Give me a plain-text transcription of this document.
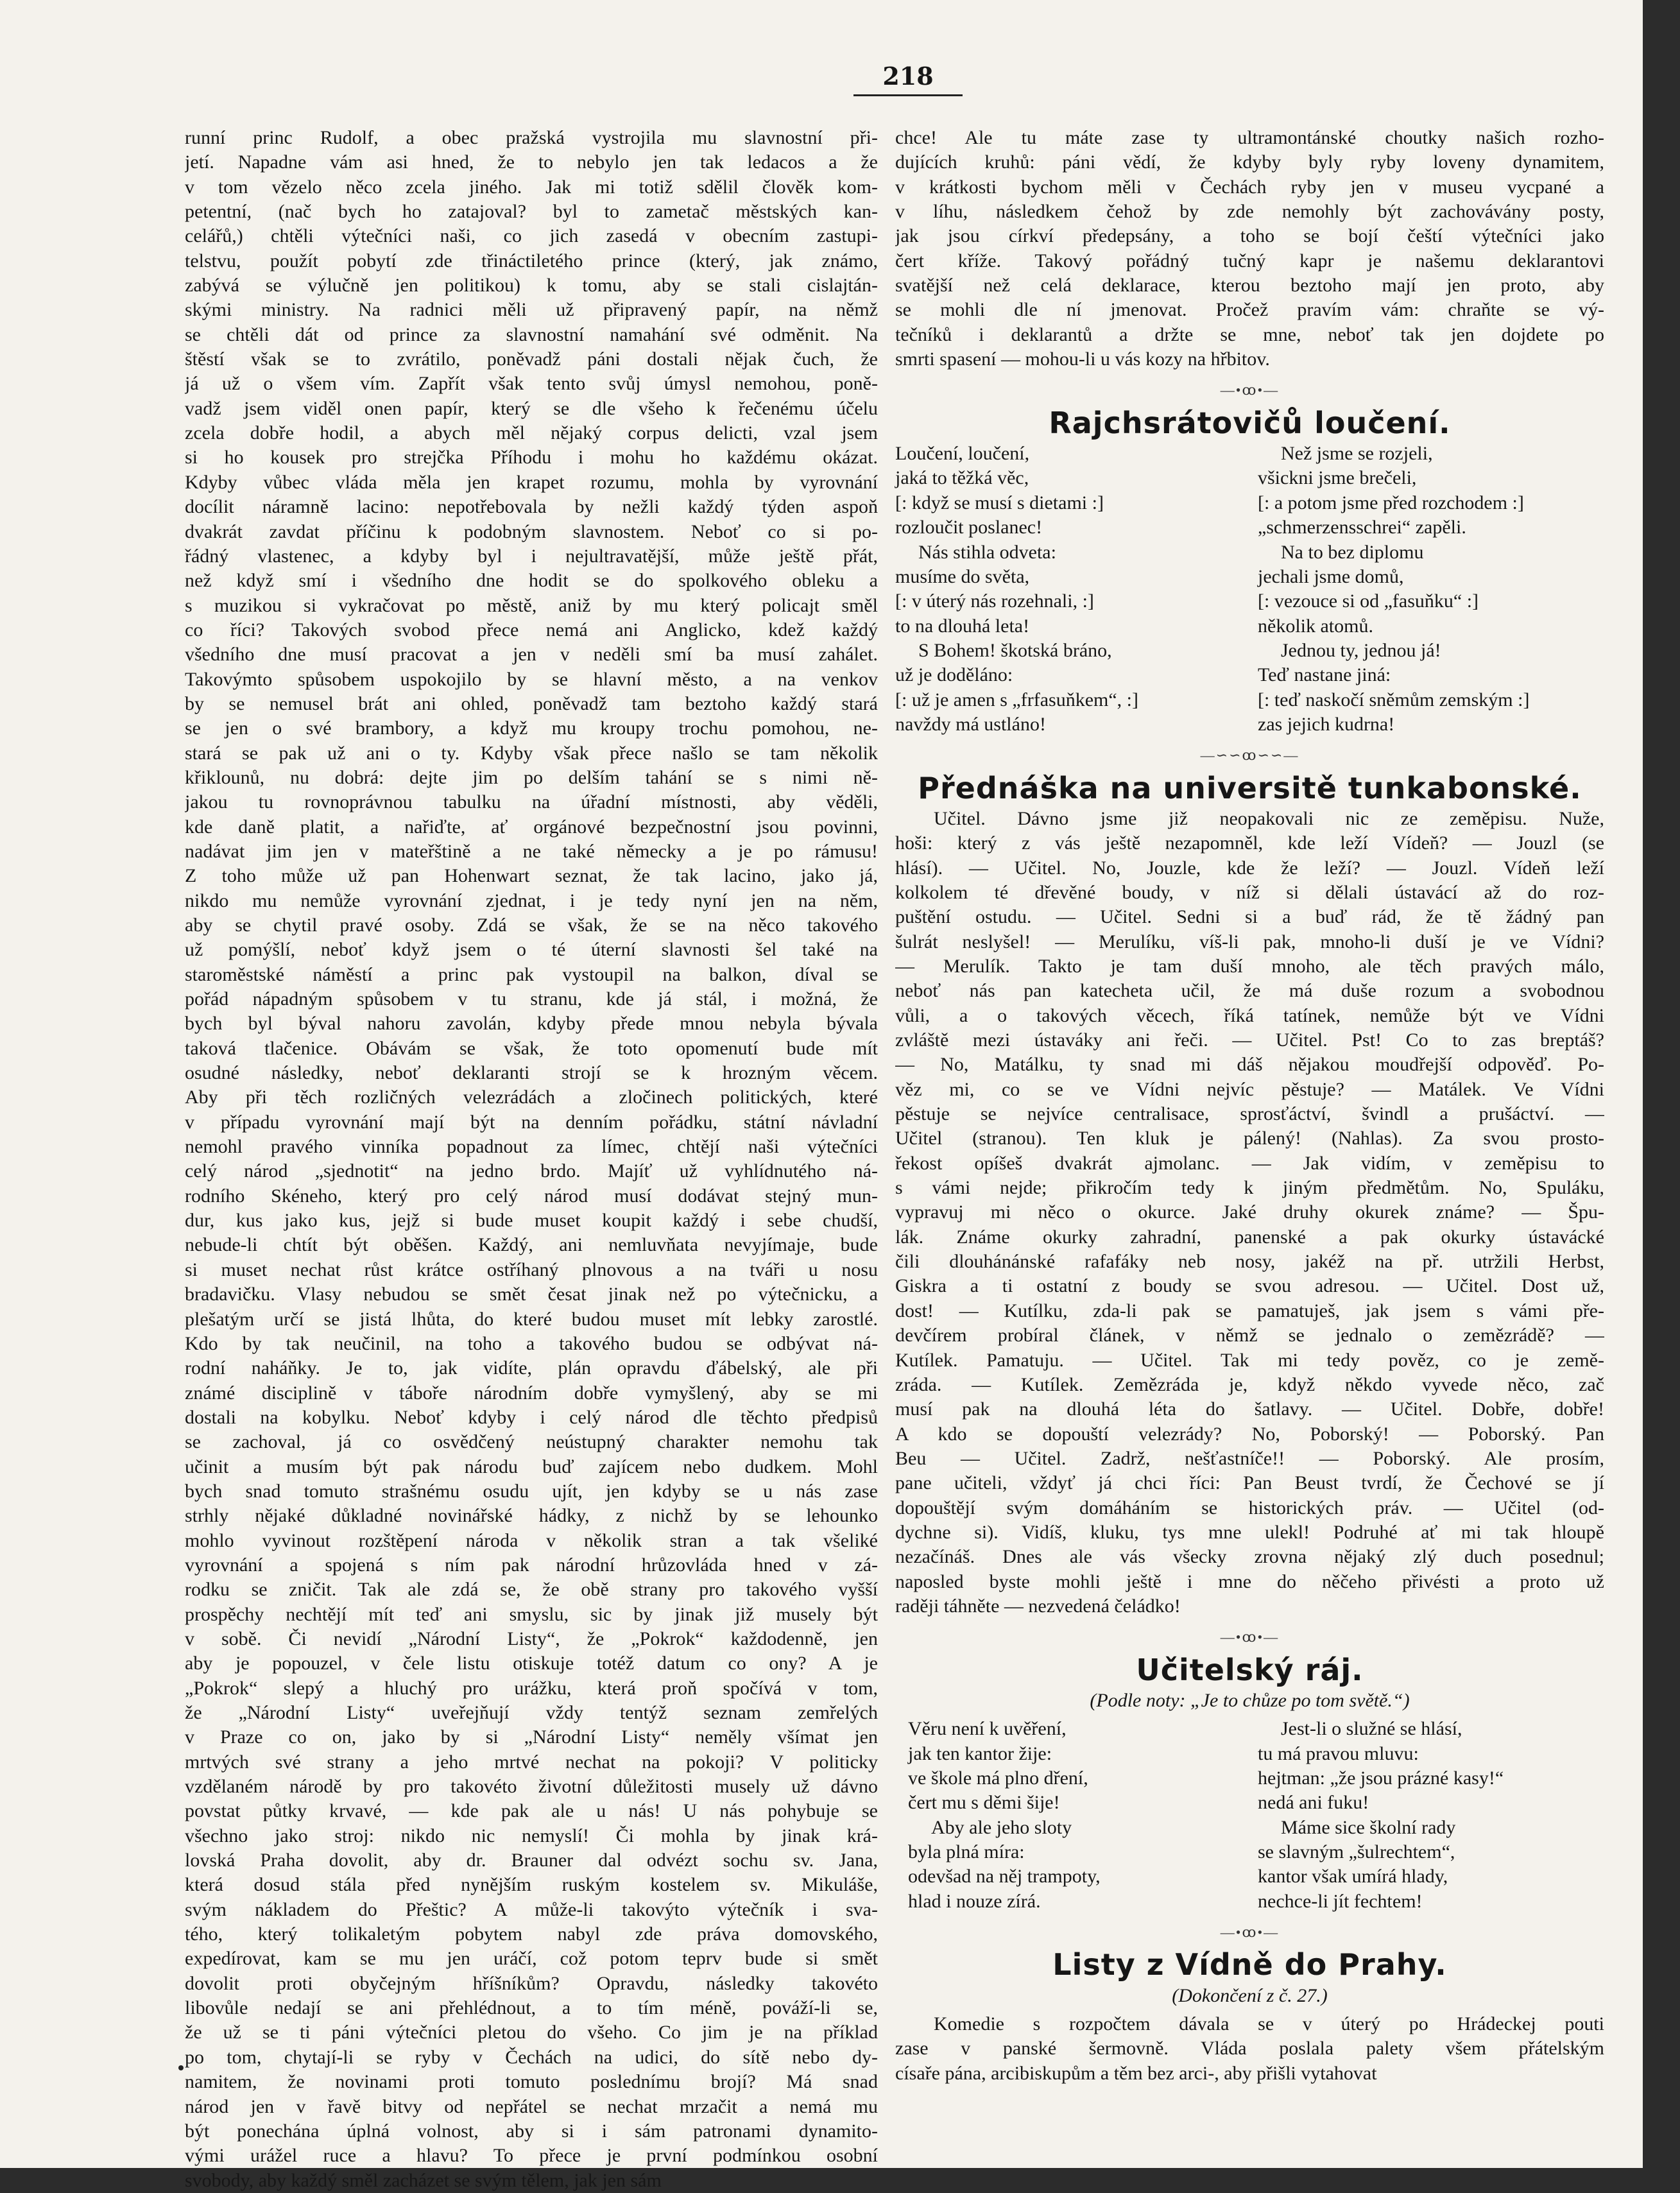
218
runní princ Rudolf, a obec pražská vystrojila mu slavnostní při-
jetí. Napadne vám asi hned, že to nebylo jen tak ledacos a že
v tom vězelo něco zcela jiného. Jak mi totiž sdělil člověk kom-
petentní, (nač bych ho zatajoval? byl to zametač městských kan-
celářů,) chtěli výtečníci naši, co jich zasedá v obecním zastupi-
telstvu, použít pobytí zde třináctiletého prince (který, jak známo,
zabývá se výlučně jen politikou) k tomu, aby se stali cislajtán-
skými ministry. Na radnici měli už připravený papír, na němž
se chtěli dát od prince za slavnostní namahání své odměnit. Na
štěstí však se to zvrátilo, poněvadž páni dostali nějak čuch, že
já už o všem vím. Zapřít však tento svůj úmysl nemohou, poně-
vadž jsem viděl onen papír, který se dle všeho k řečenému účelu
zcela dobře hodil, a abych měl nějaký corpus delicti, vzal jsem
si ho kousek pro strejčka Příhodu i mohu ho každému okázat.
Kdyby vůbec vláda měla jen krapet rozumu, mohla by vyrovnání
docílit náramně lacino: nepotřebovala by nežli každý týden aspoň
dvakrát zavdat příčinu k podobným slavnostem. Neboť co si po-
řádný vlastenec, a kdyby byl i nejultravatější, může ještě přát,
než když smí i všedního dne hodit se do spolkového obleku a
s muzikou si vykračovat po městě, aniž by mu který policajt směl
co říci? Takových svobod přece nemá ani Anglicko, kdež každý
všedního dne musí pracovat a jen v neděli smí ba musí zahálet.
Takovýmto spůsobem uspokojilo by se hlavní město, a na venkov
by se nemusel brát ani ohled, poněvadž tam beztoho každý stará
se jen o své brambory, a když mu kroupy trochu pomohou, ne-
stará se pak už ani o ty. Kdyby však přece našlo se tam několik
křiklounů, nu dobrá: dejte jim po delším tahání se s nimi ně-
jakou tu rovnoprávnou tabulku na úřadní místnosti, aby věděli,
kde daně platit, a nařiďte, ať orgánové bezpečnostní jsou povinni,
nadávat jim jen v mateřštině a ne také německy a je po rámusu!
Z toho může už pan Hohenwart seznat, že tak lacino, jako já,
nikdo mu nemůže vyrovnání zjednat, i je tedy nyní jen na něm,
aby se chytil pravé osoby. Zdá se však, že se na něco takového
už pomýšlí, neboť když jsem o té úterní slavnosti šel také na
staroměstské náměstí a princ pak vystoupil na balkon, díval se
pořád nápadným spůsobem v tu stranu, kde já stál, i možná, že
bych byl býval nahoru zavolán, kdyby přede mnou nebyla bývala
taková tlačenice. Obávám se však, že toto opomenutí bude mít
osudné následky, neboť deklaranti strojí se k hrozným věcem.
Aby při těch rozličných velezrádách a zločinech politických, které
v případu vyrovnání mají být na denním pořádku, státní návladní
nemohl pravého vinníka popadnout za límec, chtějí naši výtečníci
celý národ „sjednotit“ na jedno brdo. Majíť už vyhlídnutého ná-
rodního Skéneho, který pro celý národ musí dodávat stejný mun-
dur, kus jako kus, jejž si bude muset koupit každý i sebe chudší,
nebude-li chtít být oběšen. Každý, ani nemluvňata nevyjímaje, bude
si muset nechat růst krátce ostříhaný plnovous a na tváři u nosu
bradavičku. Vlasy nebudou se smět česat jinak než po výtečnicku, a
plešatým určí se jistá lhůta, do které budou muset mít lebky zarostlé.
Kdo by tak neučinil, na toho a takového budou se odbývat ná-
rodní naháňky. Je to, jak vidíte, plán opravdu ďábelský, ale při
známé disciplině v táboře národním dobře vymyšlený, aby se mi
dostali na kobylku. Neboť kdyby i celý národ dle těchto předpisů
se zachoval, já co osvědčený neústupný charakter nemohu tak
učinit a musím být pak národu buď zajícem nebo dudkem. Mohl
bych snad tomuto strašnému osudu ujít, jen kdyby se u nás zase
strhly nějaké důkladné novinářské hádky, z nichž by se lehounko
mohlo vyvinout rozštěpení národa v několik stran a tak všeliké
vyrovnání a spojená s ním pak národní hrůzovláda hned v zá-
rodku se zničit. Tak ale zdá se, že obě strany pro takového vyšší
prospěchy nechtějí mít teď ani smyslu, sic by jinak již musely být
v sobě. Či nevidí „Národní Listy“, že „Pokrok“ každodenně, jen
aby je popouzel, v čele listu otiskuje totéž datum co ony? A je
„Pokrok“ slepý a hluchý pro urážku, která proň spočívá v tom,
že „Národní Listy“ uveřejňují vždy tentýž seznam zemřelých
v Praze co on, jako by si „Národní Listy“ neměly všímat jen
mrtvých své strany a jeho mrtvé nechat na pokoji? V politicky
vzdělaném národě by pro takovéto životní důležitosti musely už dávno
povstat půtky krvavé, — kde pak ale u nás! U nás pohybuje se
všechno jako stroj: nikdo nic nemyslí! Či mohla by jinak krá-
lovská Praha dovolit, aby dr. Brauner dal odvézt sochu sv. Jana,
která dosud stála před nynějším ruským kostelem sv. Mikuláše,
svým nákladem do Přeštic? A může-li takovýto výtečník i sva-
tého, který tolikaletým pobytem nabyl zde práva domovského,
expedírovat, kam se mu jen uráčí, což potom teprv bude si smět
dovolit proti obyčejným hříšníkům? Opravdu, následky takovéto
libovůle nedají se ani přehlédnout, a to tím méně, pováží-li se,
že už se ti páni výtečníci pletou do všeho. Co jim je na příklad
po tom, chytají-li se ryby v Čechách na udici, do sítě nebo dy-
namitem, že novinami proti tomuto poslednímu brojí? Má snad
národ jen v řavě bitvy od nepřátel se nechat mrzačit a nemá mu
být ponechána úplná volnost, aby si i sám patronami dynamito-
vými urážel ruce a hlavu? To přece je první podmínkou osobní
svobody, aby každý směl zacházet se svým tělem, jak jen sám
chce! Ale tu máte zase ty ultramontánské choutky našich rozho-
dujících kruhů: páni vědí, že kdyby byly ryby loveny dynamitem,
v krátkosti bychom měli v Čechách ryby jen v museu vycpané a
v líhu, následkem čehož by zde nemohly být zachovávány posty,
jak jsou církví předepsány, a toho se bojí čeští výtečníci jako
čert kříže. Takový pořádný tučný kapr je našemu deklarantovi
svatější než celá deklarace, kterou beztoho mají jen proto, aby
se mohli dle ní jmenovat. Pročež pravím vám: chraňte se vý-
tečníků i deklarantů a držte se mne, neboť tak jen dojdete po
smrti spasení — mohou-li u vás kozy na hřbitov.
—•ꝏ•—
Rajchsrátovičů loučení.
Loučení, loučení,
jaká to těžká věc,
[: když se musí s dietami :]
rozloučit poslanec!
Nás stihla odveta:
musíme do světa,
[: v úterý nás rozehnali, :]
to na dlouhá leta!
S Bohem! škotská bráno,
už je doděláno:
[: už je amen s „frfasuňkem“, :]
navždy má ustláno!
Než jsme se rozjeli,
všickni jsme brečeli,
[: a potom jsme před rozchodem :]
„schmerzensschrei“ zapěli.
Na to bez diplomu
jechali jsme domů,
[: vezouce si od „fasuňku“ :]
několik atomů.
Jednou ty, jednou já!
Teď nastane jiná:
[: teď naskočí sněmům zemským :]
zas jejich kudrna!
—∽∽ꝏ∽∽—
Přednáška na universitě tunkabonské.
Učitel. Dávno jsme již neopakovali nic ze zeměpisu. Nuže,
hoši: který z vás ještě nezapomněl, kde leží Vídeň? — Jouzl (se
hlásí). — Učitel. No, Jouzle, kde že leží? — Jouzl. Vídeň leží
kolkolem té dřevěné boudy, v níž si dělali ústavácí až do roz-
puštění ostudu. — Učitel. Sedni si a buď rád, že tě žádný pan
šulrát neslyšel! — Merulíku, víš-li pak, mnoho-li duší je ve Vídni?
— Merulík. Takto je tam duší mnoho, ale těch pravých málo,
neboť nás pan katecheta učil, že má duše rozum a svobodnou
vůli, a o takových věcech, říká tatínek, nemůže být ve Vídni
zvláště mezi ústaváky ani řeči. — Učitel. Pst! Co to zas breptáš?
— No, Matálku, ty snad mi dáš nějakou moudřejší odpověď. Po-
věz mi, co se ve Vídni nejvíc pěstuje? — Matálek. Ve Vídni
pěstuje se nejvíce centralisace, sprosťáctví, švindl a prušáctví. —
Učitel (stranou). Ten kluk je pálený! (Nahlas). Za svou prosto-
řekost opíšeš dvakrát ajmolanc. — Jak vidím, v zeměpisu to
s vámi nejde; přikročím tedy k jiným předmětům. No, Spuláku,
vypravuj mi něco o okurce. Jaké druhy okurek známe? — Špu-
lák. Známe okurky zahradní, panenské a pak okurky ústavácké
čili dlouhánánské rafafáky neb nosy, jakéž na př. utržili Herbst,
Giskra a ti ostatní z boudy se svou adresou. — Učitel. Dost už,
dost! — Kutílku, zda-li pak se pamatuješ, jak jsem s vámi pře-
devčírem probíral článek, v němž se jednalo o zemězrádě? —
Kutílek. Pamatuju. — Učitel. Tak mi tedy pověz, co je země-
zráda. — Kutílek. Zemězráda je, když někdo vyvede něco, zač
musí pak na dlouhá léta do šatlavy. — Učitel. Dobře, dobře!
A kdo se dopouští velezrády? No, Poborský! — Poborský. Pan
Beu — Učitel. Zadrž, nešťastníče!! — Poborský. Ale prosím,
pane učiteli, vždyť já chci říci: Pan Beust tvrdí, že Čechové se jí
dopouštějí svým domáháním se historických práv. — Učitel (od-
dychne si). Vidíš, kluku, tys mne ulekl! Podruhé ať mi tak hloupě
nezačínáš. Dnes ale vás všecky zrovna nějaký zlý duch posednul;
naposled byste mohli ještě i mne do něčeho přivésti a proto už
raději táhněte — nezvedená čeládko!
—•ꝏ•—
Učitelský ráj.
(Podle noty: „Je to chůze po tom světě.“)
Věru není k uvěření,
jak ten kantor žije:
ve škole má plno dření,
čert mu s děmi šije!
Aby ale jeho sloty
byla plná míra:
odevšad na něj trampoty,
hlad i nouze zírá.
Jest-li o služné se hlásí,
tu má pravou mluvu:
hejtman: „že jsou prázné kasy!“
nedá ani fuku!
Máme sice školní rady
se slavným „šulrechtem“,
kantor však umírá hlady,
nechce-li jít fechtem!
—•ꝏ•—
Listy z Vídně do Prahy.
(Dokončení z č. 27.)
Komedie s rozpočtem dávala se v úterý po Hrádeckej pouti
zase v panské šermovně. Vláda poslala palety všem přátelským
císaře pána, arcibiskupům a těm bez arci-, aby přišli vytahovat
